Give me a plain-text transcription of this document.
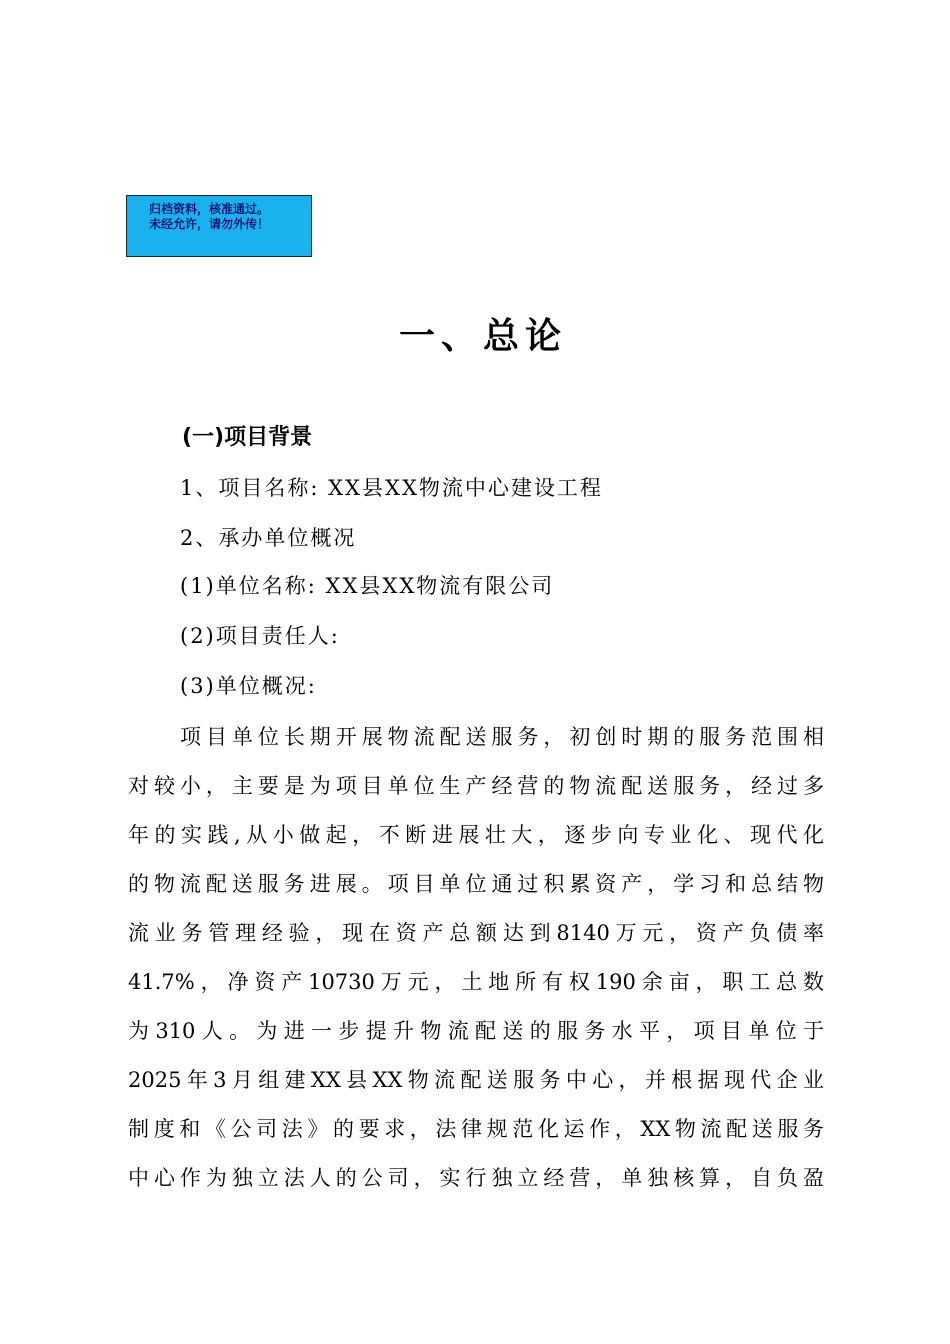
归档资料，核准通过。
未经允许，请勿外传！
一、总论
(一)项目背景
1、项目名称: XX县XX物流中心建设工程
2、承办单位概况
(1)单位名称: XX县XX物流有限公司
(2)项目责任人:
(3)单位概况:
项目单位长期开展物流配送服务，初创时期的服务范围相
对较小，主要是为项目单位生产经营的物流配送服务，经过多
年的实践,从小做起，不断进展壮大，逐步向专业化、现代化
的物流配送服务进展。项目单位通过积累资产，学习和总结物
流业务管理经验，现在资产总额达到8140万元，资产负债率
41.7%，净资产10730万元，土地所有权190余亩，职工总数
为310人。为进一步提升物流配送的服务水平，项目单位于
2025年3月组建XX县XX物流配送服务中心，并根据现代企业
制度和《公司法》的要求，法律规范化运作，XX物流配送服务
中心作为独立法人的公司，实行独立经营，单独核算，自负盈
